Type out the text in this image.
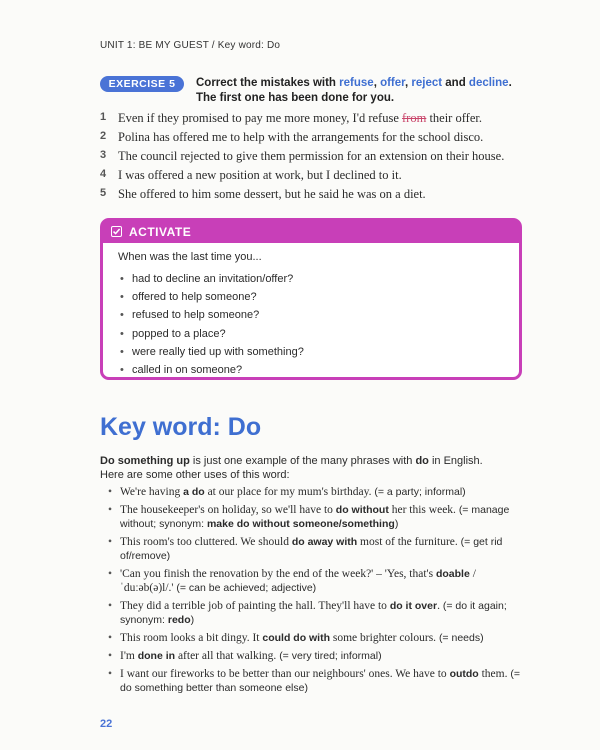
UNIT 1: BE MY GUEST / Key word: Do
EXERCISE 5	Correct the mistakes with refuse, offer, reject and decline.
The first one has been done for you.
1 Even if they promised to pay me more money, I'd refuse from their offer.
2 Polina has offered me to help with the arrangements for the school disco.
3 The council rejected to give them permission for an extension on their house.
4 I was offered a new position at work, but I declined to it.
5 She offered to him some dessert, but he said he was on a diet.
ACTIVATE
When was the last time you...
• had to decline an invitation/offer?
• offered to help someone?
• refused to help someone?
• popped to a place?
• were really tied up with something?
• called in on someone?
Key word: Do
Do something up is just one example of the many phrases with do in English. Here are some other uses of this word:
• We're having a do at our place for my mum's birthday. (= a party; informal)
• The housekeeper's on holiday, so we'll have to do without her this week. (= manage without; synonym: make do without someone/something)
• This room's too cluttered. We should do away with most of the furniture. (= get rid of/remove)
• 'Can you finish the renovation by the end of the week?' – 'Yes, that's doable /ˈduːəb(ə)l/.' (= can be achieved; adjective)
• They did a terrible job of painting the hall. They'll have to do it over. (= do it again; synonym: redo)
• This room looks a bit dingy. It could do with some brighter colours. (= needs)
• I'm done in after all that walking. (= very tired; informal)
• I want our fireworks to be better than our neighbours' ones. We have to outdo them. (= do something better than someone else)
22
